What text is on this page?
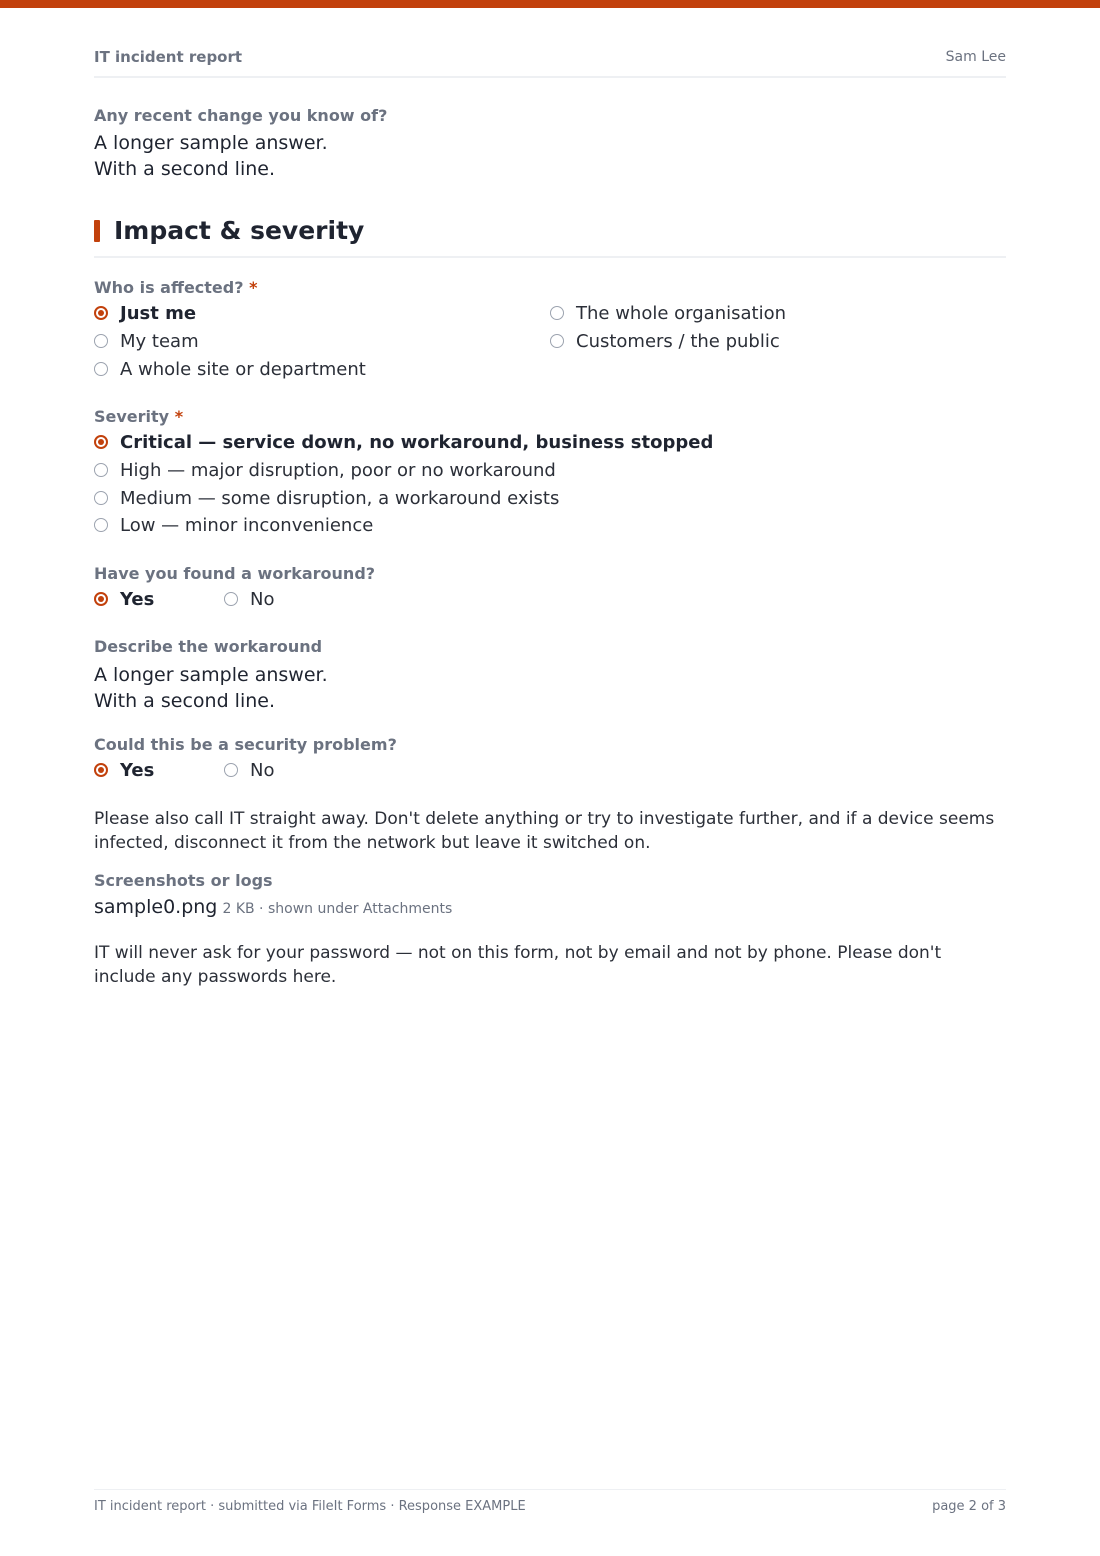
IT incident report	Sam Lee
Any recent change you know of?
A longer sample answer.
With a second line.
Impact & severity
Who is affected? *
Just me
My team
A whole site or department
The whole organisation
Customers / the public
Severity *
Critical — service down, no workaround, business stopped
High — major disruption, poor or no workaround
Medium — some disruption, a workaround exists
Low — minor inconvenience
Have you found a workaround?
Yes	No
Describe the workaround
A longer sample answer.
With a second line.
Could this be a security problem?
Yes	No
Please also call IT straight away. Don't delete anything or try to investigate further, and if a device seems infected, disconnect it from the network but leave it switched on.
Screenshots or logs
sample0.png 2 KB · shown under Attachments
IT will never ask for your password — not on this form, not by email and not by phone. Please don't include any passwords here.
IT incident report · submitted via FileIt Forms · Response EXAMPLE	page 2 of 3
